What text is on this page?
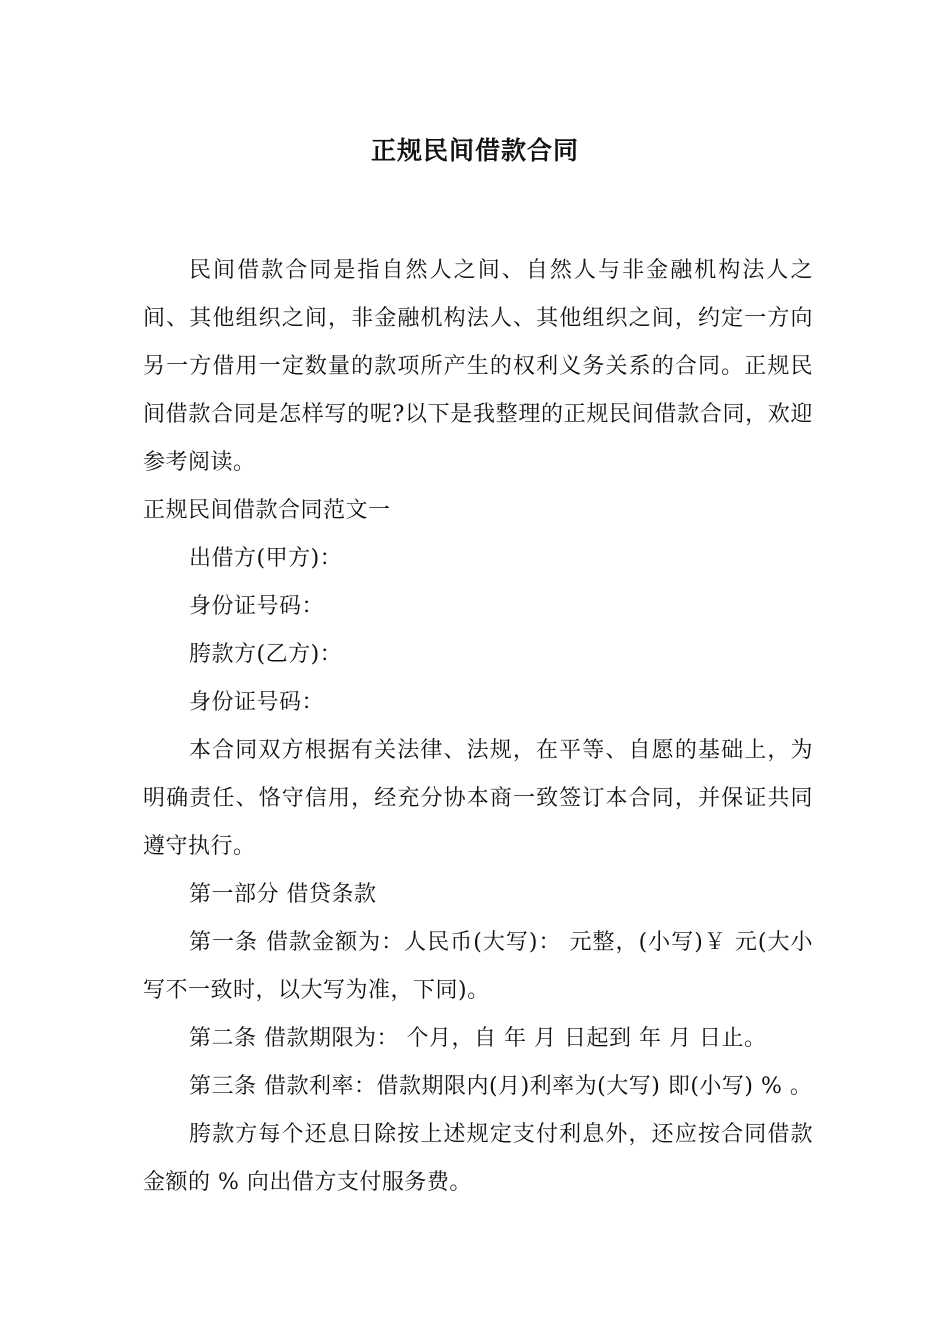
正规民间借款合同

民间借款合同是指自然人之间、自然人与非金融机构法人之间、其他组织之间，非金融机构法人、其他组织之间，约定一方向另一方借用一定数量的款项所产生的权利义务关系的合同。正规民间借款合同是怎样写的呢?以下是我整理的正规民间借款合同，欢迎参考阅读。

正规民间借款合同范文一

出借方(甲方)：

身份证号码：

胯款方(乙方)：

身份证号码：

本合同双方根据有关法律、法规，在平等、自愿的基础上，为明确责任、恪守信用，经充分协本商一致签订本合同，并保证共同遵守执行。

第一部分 借贷条款

第一条 借款金额为：人民币(大写)： 元整，(小写)￥ 元(大小写不一致时，以大写为准，下同)。

第二条 借款期限为： 个月，自 年 月 日起到 年 月 日止。

第三条 借款利率：借款期限内(月)利率为(大写) 即(小写) % 。

胯款方每个还息日除按上述规定支付利息外，还应按合同借款金额的 % 向出借方支付服务费。
